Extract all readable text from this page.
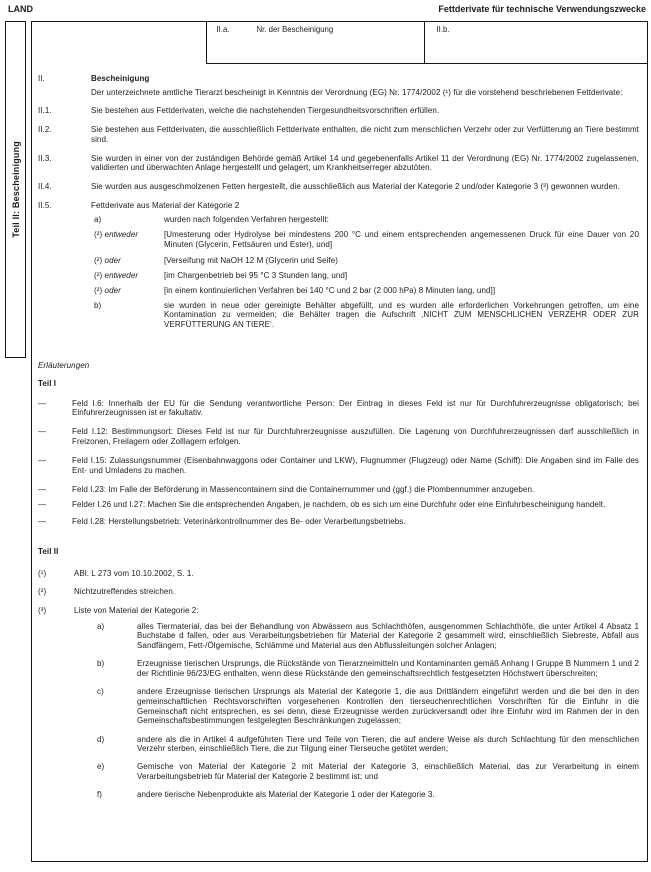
LAND	Fettderivate für technische Verwendungszwecke
Teil II: Bescheinigung
II.a.	Nr. der Bescheinigung	II.b.
II.	Bescheinigung
Der unterzeichnete amtliche Tierarzt bescheinigt in Kenntnis der Verordnung (EG) Nr. 1774/2002 (¹) für die vorstehend beschriebenen Fettderivate:
II.1.	Sie bestehen aus Fettderivaten, welche die nachstehenden Tiergesundheitsvorschriften erfüllen.
II.2.	Sie bestehen aus Fettderivaten, die ausschließlich Fettderivate enthalten, die nicht zum menschlichen Verzehr oder zur Verfütterung an Tiere bestimmt sind.
II.3.	Sie wurden in einer von der zuständigen Behörde gemäß Artikel 14 und gegebenenfalls Artikel 11 der Verordnung (EG) Nr. 1774/2002 zugelassenen, validierten und überwachten Anlage hergestellt und gelagert, um Krankheitserreger abzutöten.
II.4.	Sie wurden aus ausgeschmolzenen Fetten hergestellt, die ausschließlich aus Material der Kategorie 2 und/oder Kategorie 3 (³) gewonnen wurden.
II.5.	Fettderivate aus Material der Kategorie 2
a)	wurden nach folgenden Verfahren hergestellt:
(²) entweder	[Umesterung oder Hydrolyse bei mindestens 200 °C und einem entsprechenden angemessenen Druck für eine Dauer von 20 Minuten (Glycerin, Fettsäuren und Ester), und]
(²) oder	[Verseifung mit NaOH 12 M (Glycerin und Seife)
(²) entweder	[im Chargenbetrieb bei 95 °C 3 Stunden lang, und]
(²) oder	[in einem kontinuierlichen Verfahren bei 140 °C und 2 bar (2 000 hPa) 8 Minuten lang, und]]
b)	sie wurden in neue oder gereinigte Behälter abgefüllt, und es wurden alle erforderlichen Vorkehrungen getroffen, um eine Kontamination zu vermeiden; die Behälter tragen die Aufschrift ‚NICHT ZUM MENSCHLICHEN VERZEHR ODER ZUR VERFÜTTERUNG AN TIERE‘.
Erläuterungen
Teil I
—	Feld I.6: Innerhalb der EU für die Sendung verantwortliche Person: Der Eintrag in dieses Feld ist nur für Durchfuhrerzeugnisse obligatorisch; bei Einfuhrerzeugnissen ist er fakultativ.
—	Feld I.12: Bestimmungsort: Dieses Feld ist nur für Durchfuhrerzeugnisse auszufüllen. Die Lagerung von Durchfuhrerzeugnissen darf ausschließlich in Freizonen, Freilagern oder Zolllagern erfolgen.
—	Feld I.15: Zulassungsnummer (Eisenbahnwaggons oder Container und LKW), Flugnummer (Flugzeug) oder Name (Schiff): Die Angaben sind im Falle des Ent- und Umladens zu machen.
—	Feld I.23: Im Falle der Beförderung in Massencontainern sind die Containernummer und (ggf.) die Plombennummer anzugeben.
—	Felder I.26 und I.27: Machen Sie die entsprechenden Angaben, je nachdem, ob es sich um eine Durchfuhr oder eine Einfuhrbescheinigung handelt.
—	Feld I.28: Herstellungsbetrieb: Veterinärkontrollnummer des Be- oder Verarbeitungsbetriebs.
Teil II
(¹)	ABl. L 273 vom 10.10.2002, S. 1.
(²)	Nichtzutreffendes streichen.
(³)	Liste von Material der Kategorie 2:
a)	alles Tiermaterial, das bei der Behandlung von Abwässern aus Schlachthöfen, ausgenommen Schlachthöfe, die unter Artikel 4 Absatz 1 Buchstabe d fallen, oder aus Verarbeitungsbetrieben für Material der Kategorie 2 gesammelt wird, einschließlich Siebreste, Abfall aus Sandfängern, Fett-/Ölgemische, Schlämme und Material aus den Abflussleitungen solcher Anlagen;
b)	Erzeugnisse tierischen Ursprungs, die Rückstände von Tierarzneimitteln und Kontaminanten gemäß Anhang I Gruppe B Nummern 1 und 2 der Richtlinie 96/23/EG enthalten, wenn diese Rückstände den gemeinschaftsrechtlich festgesetzten Höchstwert überschreiten;
c)	andere Erzeugnisse tierischen Ursprungs als Material der Kategorie 1, die aus Drittländern eingeführt werden und die bei den in den gemeinschaftlichen Rechtsvorschriften vorgesehenen Kontrollen den tierseuchenrechtlichen Vorschriften für die Einfuhr in die Gemeinschaft nicht entsprechen, es sei denn, diese Erzeugnisse werden zurückversandt oder ihre Einfuhr wird im Rahmen der in den Gemeinschaftsbestimmungen festgelegten Beschränkungen zugelassen;
d)	andere als die in Artikel 4 aufgeführten Tiere und Teile von Tieren, die auf andere Weise als durch Schlachtung für den menschlichen Verzehr sterben, einschließlich Tiere, die zur Tilgung einer Tierseuche getötet werden;
e)	Gemische von Material der Kategorie 2 mit Material der Kategorie 3, einschließlich Material, das zur Verarbeitung in einem Verarbeitungsbetrieb für Material der Kategorie 2 bestimmt ist; und
f)	andere tierische Nebenprodukte als Material der Kategorie 1 oder der Kategorie 3.
